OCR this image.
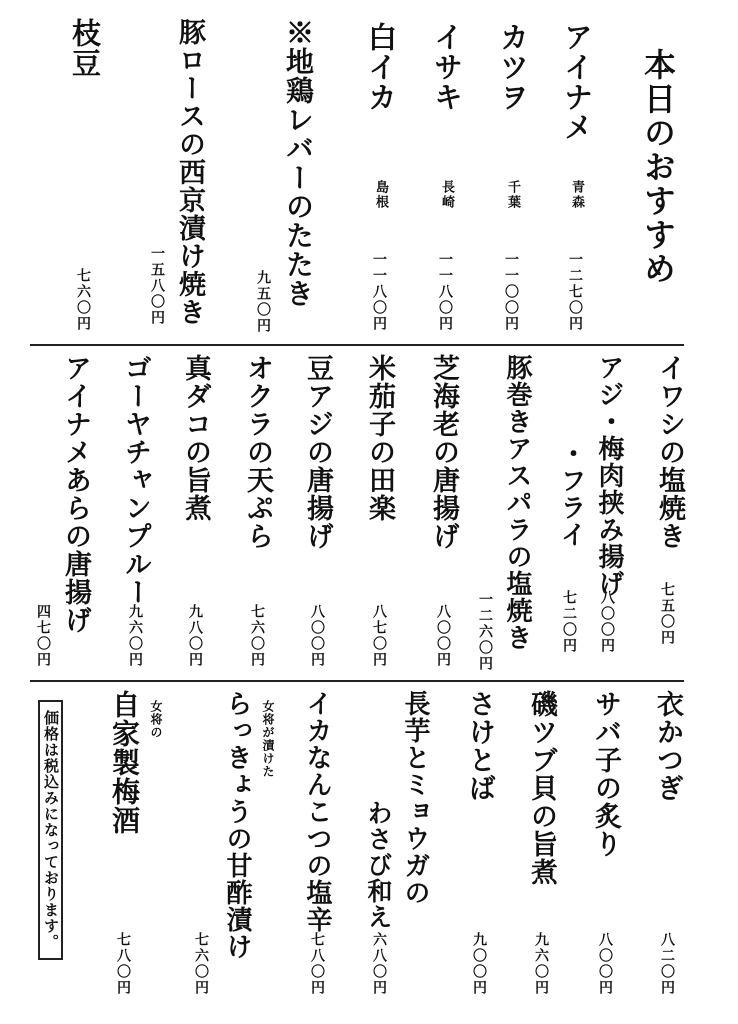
本日のおすすめ
アイナメ
青森
一二七〇円
カツヲ
千葉
一一〇〇円
イサキ
長崎
一一八〇円
白イカ
島根
一一八〇円
※地鶏レバーのたたき
九五〇円
豚ロースの西京漬け焼き
一五八〇円
枝豆
七六〇円
イワシの塩焼き
七五〇円
アジ・梅肉挟み揚げ
八〇〇円
・フライ
七二〇円
豚巻きアスパラの塩焼き
一二六〇円
芝海老の唐揚げ
八〇〇円
米茄子の田楽
八七〇円
豆アジの唐揚げ
八〇〇円
オクラの天ぷら
七六〇円
真ダコの旨煮
九八〇円
ゴーヤチャンプルー
九六〇円
アイナメあらの唐揚げ
四七〇円
衣かつぎ
八二〇円
サバ子の炙り
八〇〇円
磯ツブ貝の旨煮
九六〇円
さけとば
九〇〇円
長芋とミョウガの
わさび和え
六八〇円
イカなんこつの塩辛
七八〇円
女将が漬けた
らっきょうの甘酢漬け
七六〇円
女将の
自家製梅酒
七八〇円
価格は税込みになっております。
